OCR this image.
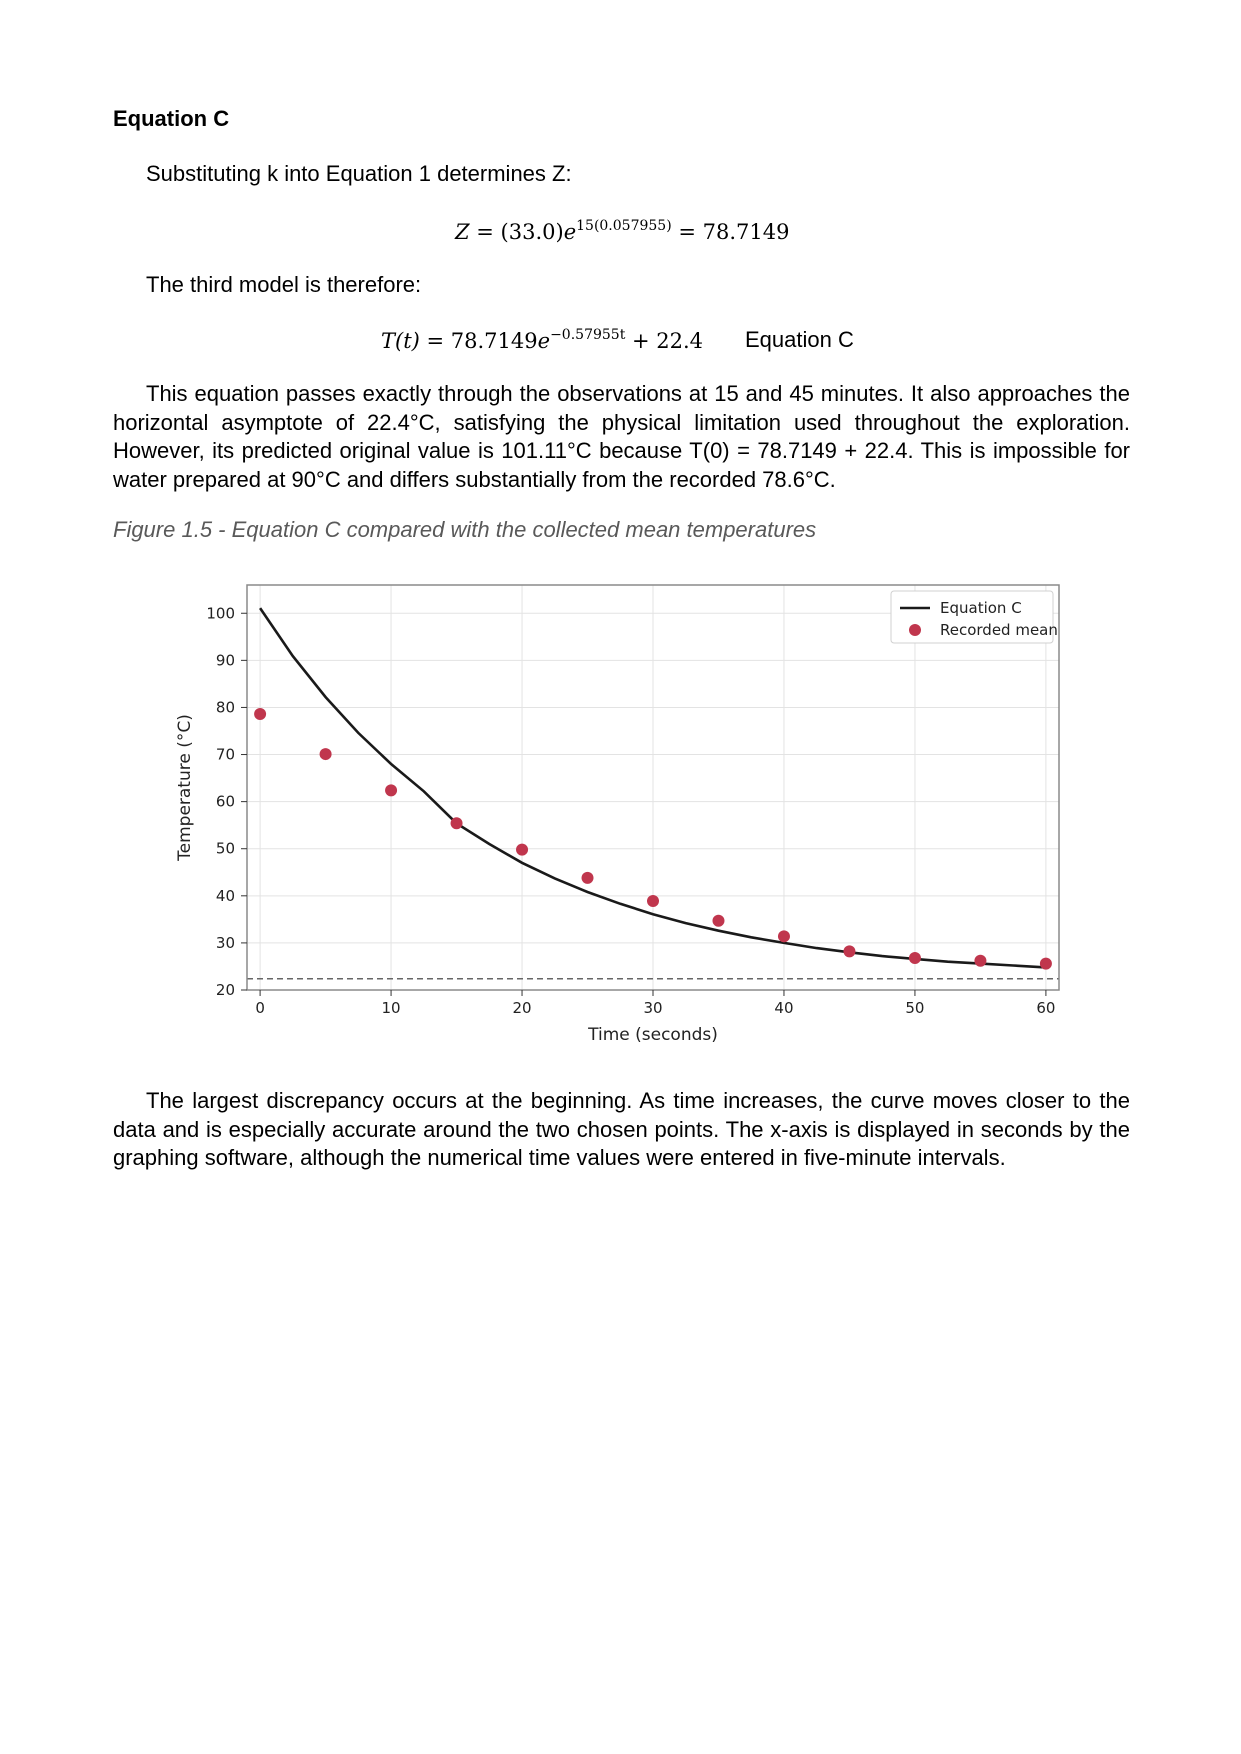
Equation C
Substituting k into Equation 1 determines Z:
$Z = (33.0)e^{15(0.057955)} = 78.7149$
The third model is therefore:
$T(t) = 78.7149e^{-0.57955t} + 22.4$ Equation C
This equation passes exactly through the observations at 15 and 45 minutes. It also approaches the horizontal asymptote of 22.4°C, satisfying the physical limitation used throughout the exploration. However, its predicted original value is 101.11°C because T(0) = 78.7149 + 22.4. This is impossible for water prepared at 90°C and differs substantially from the recorded 78.6°C.
Figure 1.5 - Equation C compared with the collected mean temperatures
0	10	20	30	40	50	60
20
30
40
50
60
70
80
90
100
Time (seconds)
Temperature (°C)
Equation C
Recorded mean
The largest discrepancy occurs at the beginning. As time increases, the curve moves closer to the data and is especially accurate around the two chosen points. The x-axis is displayed in seconds by the graphing software, although the numerical time values were entered in five-minute intervals.
